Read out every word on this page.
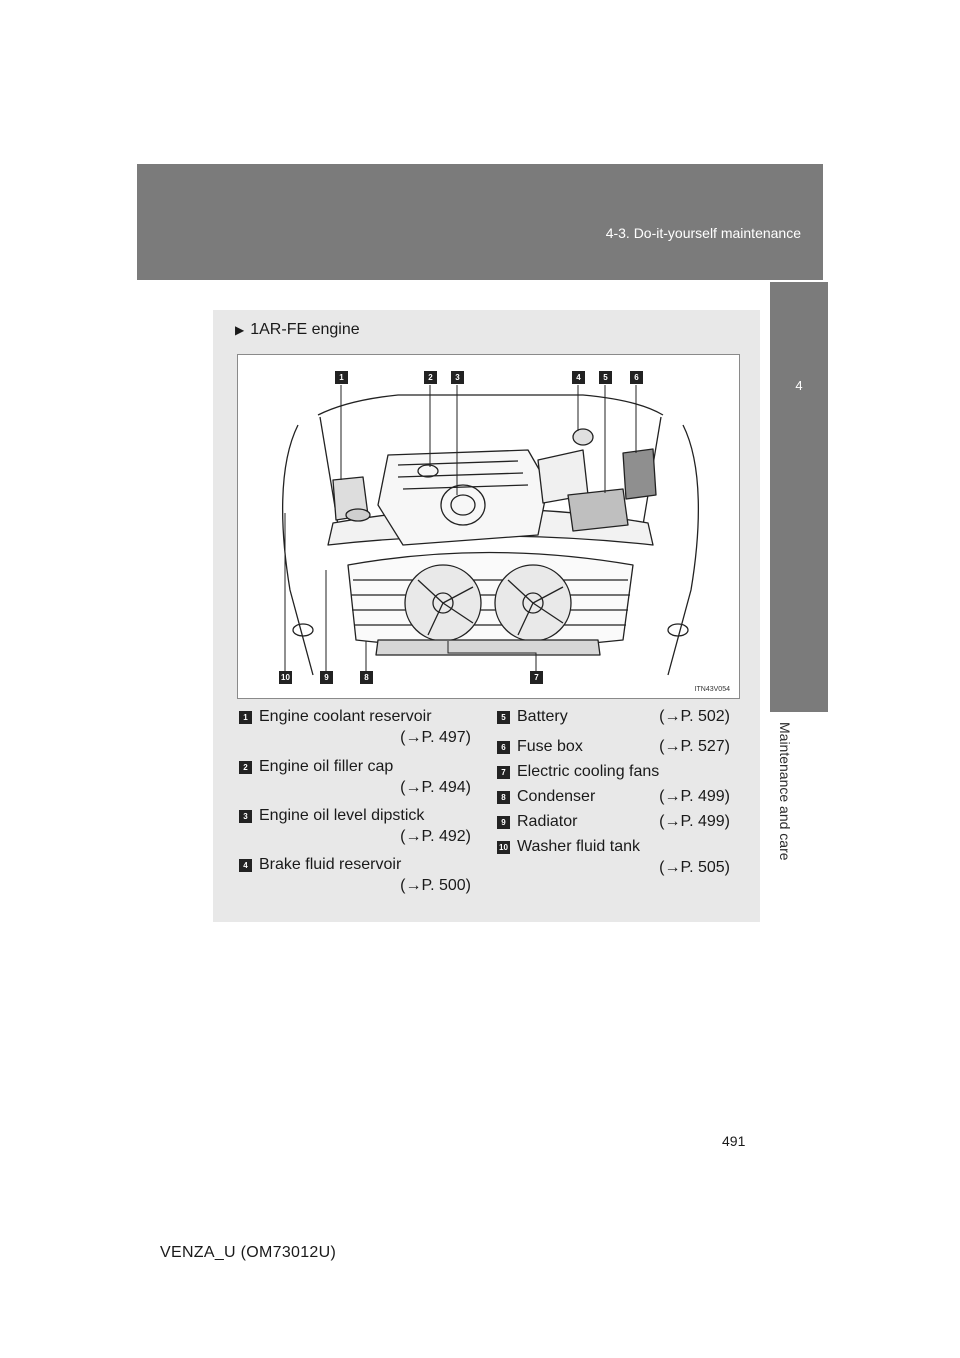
4-3. Do-it-yourself maintenance
4
Maintenance and care
▶ 1AR-FE engine
1	2	3	4	5	6
10	9	8	7
ITN43V054
1 Engine coolant reservoir
(→P. 497)
2 Engine oil filler cap
(→P. 494)
3 Engine oil level dipstick
(→P. 492)
4 Brake fluid reservoir
(→P. 500)
5 Battery	(→P. 502)
6 Fuse box	(→P. 527)
7 Electric cooling fans
8 Condenser	(→P. 499)
9 Radiator	(→P. 499)
10 Washer fluid tank
(→P. 505)
491
VENZA_U (OM73012U)
